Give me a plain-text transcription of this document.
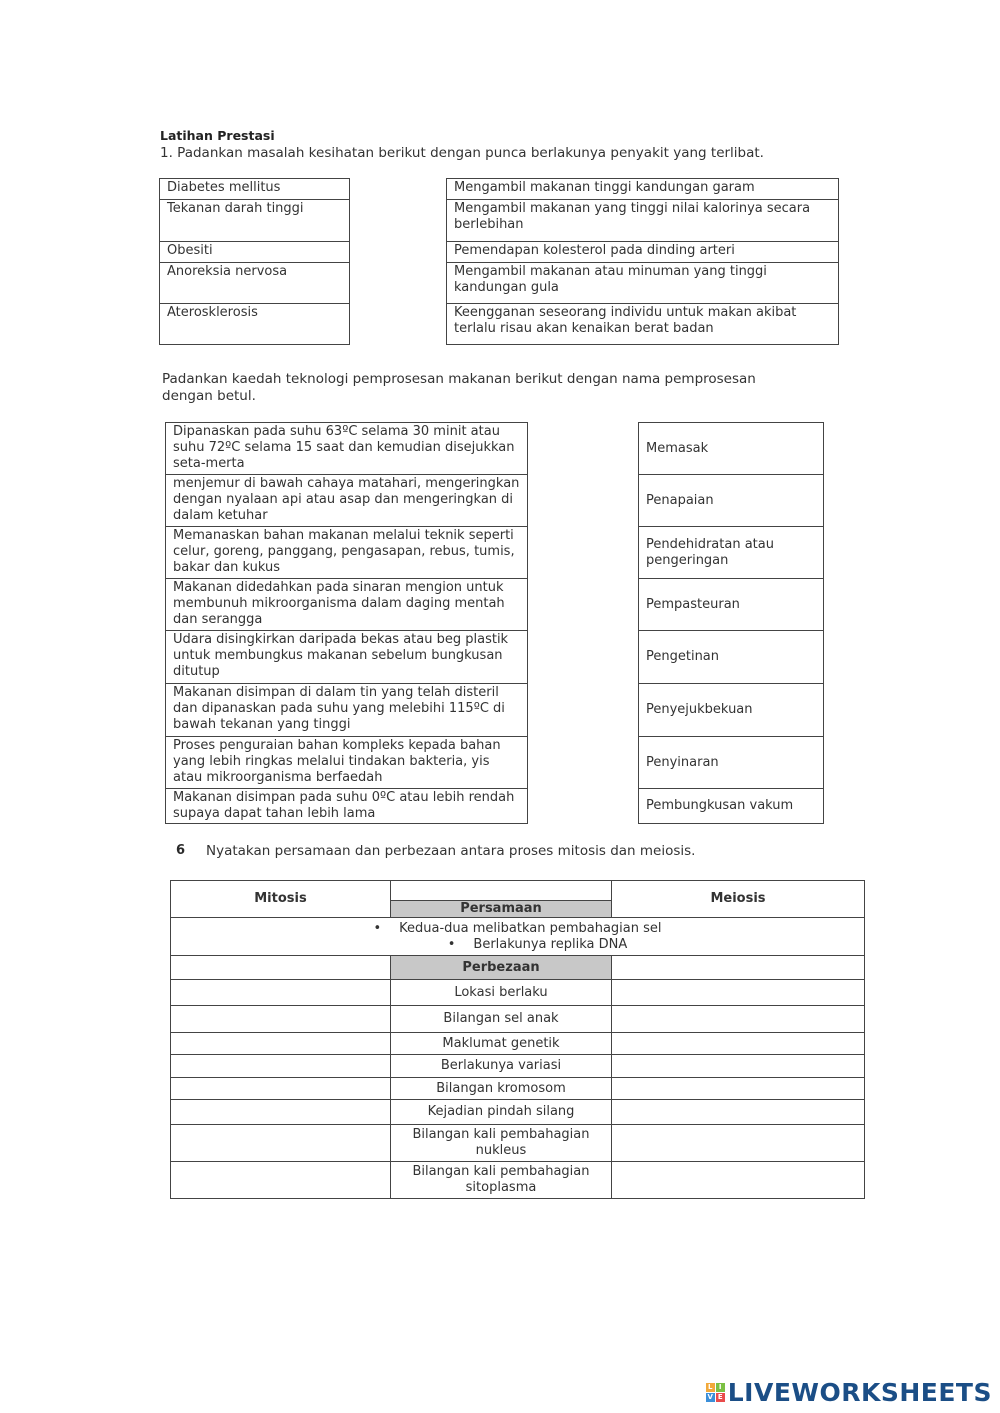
Latihan Prestasi
1. Padankan masalah kesihatan berikut dengan punca berlakunya penyakit yang terlibat.
Diabetes mellitus
Tekanan darah tinggi
Obesiti
Anoreksia nervosa
Aterosklerosis
Mengambil makanan tinggi kandungan garam
Mengambil makanan yang tinggi nilai kalorinya secara berlebihan
Pemendapan kolesterol pada dinding arteri
Mengambil makanan atau minuman yang tinggi kandungan gula
Keengganan seseorang individu untuk makan akibat terlalu risau akan kenaikan berat badan
Padankan kaedah teknologi pemprosesan makanan berikut dengan nama pemprosesan dengan betul.
Dipanaskan pada suhu 63ºC selama 30 minit atau suhu 72ºC selama 15 saat dan kemudian disejukkan seta-merta
menjemur di bawah cahaya matahari, mengeringkan dengan nyalaan api atau asap dan mengeringkan di dalam ketuhar
Memanaskan bahan makanan melalui teknik seperti celur, goreng, panggang, pengasapan, rebus, tumis, bakar dan kukus
Makanan didedahkan pada sinaran mengion untuk membunuh mikroorganisma dalam daging mentah dan serangga
Udara disingkirkan daripada bekas atau beg plastik untuk membungkus makanan sebelum bungkusan ditutup
Makanan disimpan di dalam tin yang telah disteril dan dipanaskan pada suhu yang melebihi 115ºC di bawah tekanan yang tinggi
Proses penguraian bahan kompleks kepada bahan yang lebih ringkas melalui tindakan bakteria, yis atau mikroorganisma berfaedah
Makanan disimpan pada suhu 0ºC atau lebih rendah supaya dapat tahan lebih lama
Memasak
Penapaian
Pendehidratan atau pengeringan
Pempasteuran
Pengetinan
Penyejukbekuan
Penyinaran
Pembungkusan vakum
6 Nyatakan persamaan dan perbezaan antara proses mitosis dan meiosis.
Mitosis
Persamaan
Meiosis
• Kedua-dua melibatkan pembahagian sel
• Berlakunya replika DNA
Perbezaan
Lokasi berlaku
Bilangan sel anak
Maklumat genetik
Berlakunya variasi
Bilangan kromosom
Kejadian pindah silang
Bilangan kali pembahagian nukleus
Bilangan kali pembahagian sitoplasma
L I
V E LIVEWORKSHEETS
